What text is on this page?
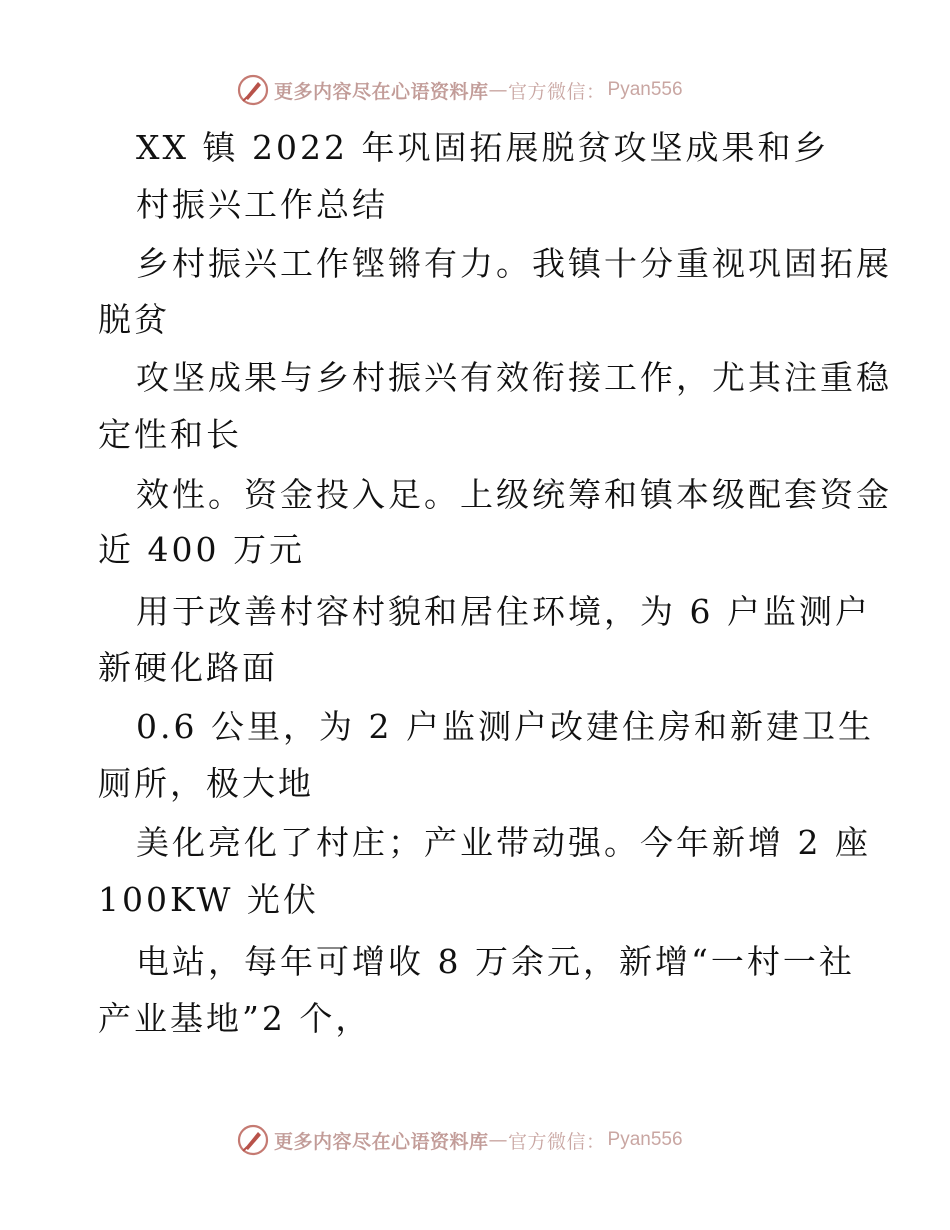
更多内容尽在心语资料库 — 官方微信： Pyan556

XX 镇 2022 年巩固拓展脱贫攻坚成果和乡

村振兴工作总结

乡村振兴工作铿锵有力。我镇十分重视巩固拓展

脱贫

攻坚成果与乡村振兴有效衔接工作，尤其注重稳

定性和长

效性。资金投入足。上级统筹和镇本级配套资金

近 400 万元

用于改善村容村貌和居住环境，为 6 户监测户

新硬化路面

0.6 公里，为 2 户监测户改建住房和新建卫生

厕所，极大地

美化亮化了村庄；产业带动强。今年新增 2 座

100KW 光伏

电站，每年可增收 8 万余元，新增“一村一社

产业基地”2 个，

更多内容尽在心语资料库 — 官方微信： Pyan556
